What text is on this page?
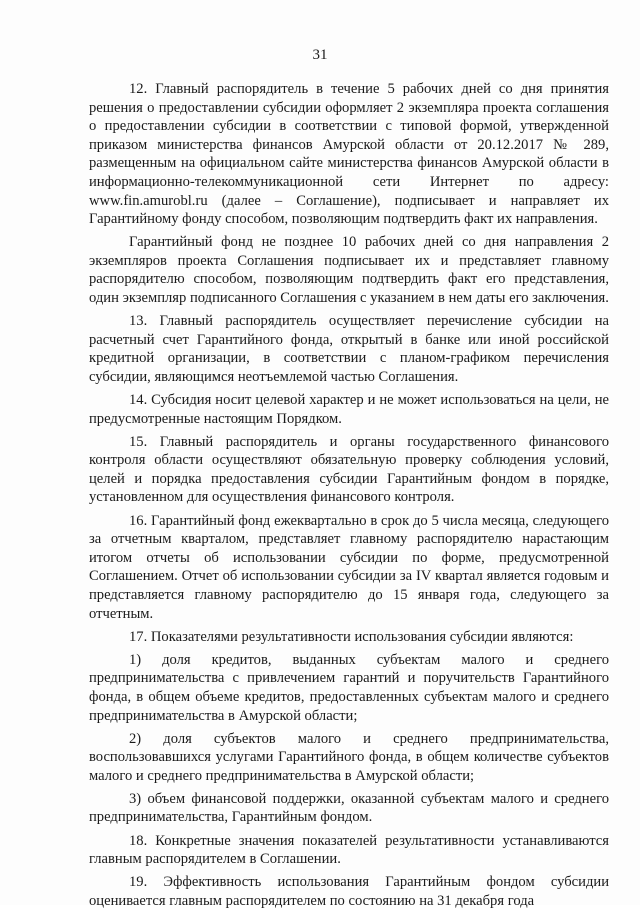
31

12. Главный распорядитель в течение 5 рабочих дней со дня принятия решения о предоставлении субсидии оформляет 2 экземпляра проекта соглашения о предоставлении субсидии в соответствии с типовой формой, утвержденной приказом министерства финансов Амурской области от 20.12.2017 № 289, размещенным на официальном сайте министерства финансов Амурской области в информационно-телекоммуникационной сети Интернет по адресу: www.fin.amurobl.ru (далее – Соглашение), подписывает и направляет их Гарантийному фонду способом, позволяющим подтвердить факт их направления.

Гарантийный фонд не позднее 10 рабочих дней со дня направления 2 экземпляров проекта Соглашения подписывает их и представляет главному распорядителю способом, позволяющим подтвердить факт его представления, один экземпляр подписанного Соглашения с указанием в нем даты его заключения.

13. Главный распорядитель осуществляет перечисление субсидии на расчетный счет Гарантийного фонда, открытый в банке или иной российской кредитной организации, в соответствии с планом-графиком перечисления субсидии, являющимся неотъемлемой частью Соглашения.

14. Субсидия носит целевой характер и не может использоваться на цели, не предусмотренные настоящим Порядком.

15. Главный распорядитель и органы государственного финансового контроля области осуществляют обязательную проверку соблюдения условий, целей и порядка предоставления субсидии Гарантийным фондом в порядке, установленном для осуществления финансового контроля.

16. Гарантийный фонд ежеквартально в срок до 5 числа месяца, следующего за отчетным кварталом, представляет главному распорядителю нарастающим итогом отчеты об использовании субсидии по форме, предусмотренной Соглашением. Отчет об использовании субсидии за IV квартал является годовым и представляется главному распорядителю до 15 января года, следующего за отчетным.

17. Показателями результативности использования субсидии являются:

1) доля кредитов, выданных субъектам малого и среднего предпринимательства с привлечением гарантий и поручительств Гарантийного фонда, в общем объеме кредитов, предоставленных субъектам малого и среднего предпринимательства в Амурской области;

2) доля субъектов малого и среднего предпринимательства, воспользовавшихся услугами Гарантийного фонда, в общем количестве субъектов малого и среднего предпринимательства в Амурской области;

3) объем финансовой поддержки, оказанной субъектам малого и среднего предпринимательства, Гарантийным фондом.

18. Конкретные значения показателей результативности устанавливаются главным распорядителем в Соглашении.

19. Эффективность использования Гарантийным фондом субсидии оценивается главным распорядителем по состоянию на 31 декабря года
